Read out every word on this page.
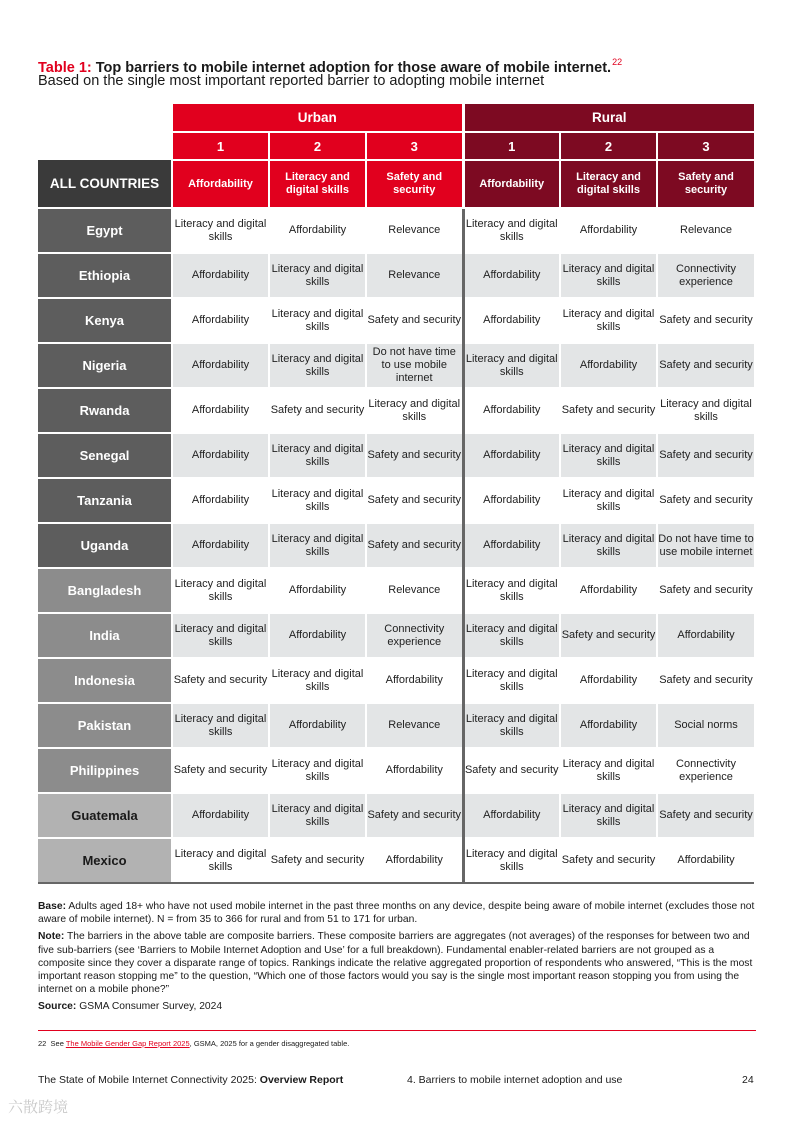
Table 1: Top barriers to mobile internet adoption for those aware of mobile internet.$^{22}$
Based on the single most important reported barrier to adopting mobile internet
	Urban			Rural		
	1	2	3	1	2	3
ALL COUNTRIES	Affordability	Literacy and digital skills	Safety and security	Affordability	Literacy and digital skills	Safety and security
Egypt	Literacy and digital skills	Affordability	Relevance	Literacy and digital skills	Affordability	Relevance
Ethiopia	Affordability	Literacy and digital skills	Relevance	Affordability	Literacy and digital skills	Connectivity experience
Kenya	Affordability	Literacy and digital skills	Safety and security	Affordability	Literacy and digital skills	Safety and security
Nigeria	Affordability	Literacy and digital skills	Do not have time to use mobile internet	Literacy and digital skills	Affordability	Safety and security
Rwanda	Affordability	Safety and security	Literacy and digital skills	Affordability	Safety and security	Literacy and digital skills
Senegal	Affordability	Literacy and digital skills	Safety and security	Affordability	Literacy and digital skills	Safety and security
Tanzania	Affordability	Literacy and digital skills	Safety and security	Affordability	Literacy and digital skills	Safety and security
Uganda	Affordability	Literacy and digital skills	Safety and security	Affordability	Literacy and digital skills	Do not have time to use mobile internet
Bangladesh	Literacy and digital skills	Affordability	Relevance	Literacy and digital skills	Affordability	Safety and security
India	Literacy and digital skills	Affordability	Connectivity experience	Literacy and digital skills	Safety and security	Affordability
Indonesia	Safety and security	Literacy and digital skills	Affordability	Literacy and digital skills	Affordability	Safety and security
Pakistan	Literacy and digital skills	Affordability	Relevance	Literacy and digital skills	Affordability	Social norms
Philippines	Safety and security	Literacy and digital skills	Affordability	Safety and security	Literacy and digital skills	Connectivity experience
Guatemala	Affordability	Literacy and digital skills	Safety and security	Affordability	Literacy and digital skills	Safety and security
Mexico	Literacy and digital skills	Safety and security	Affordability	Literacy and digital skills	Safety and security	Affordability

Base: Adults aged 18+ who have not used mobile internet in the past three months on any device, despite being aware of mobile internet (excludes those not aware of mobile internet). N = from 35 to 366 for rural and from 51 to 171 for urban.

Note: The barriers in the above table are composite barriers. These composite barriers are aggregates (not averages) of the responses for between two and five sub-barriers (see ‘Barriers to Mobile Internet Adoption and Use’ for a full breakdown). Fundamental enabler-related barriers are not grouped as a composite since they cover a disparate range of topics. Rankings indicate the relative aggregated proportion of respondents who answered, “This is the most important reason stopping me” to the question, “Which one of those factors would you say is the single most important reason stopping you from using the internet on a mobile phone?”

Source: GSMA Consumer Survey, 2024

22 See The Mobile Gender Gap Report 2025, GSMA, 2025 for a gender disaggregated table.
The State of Mobile Internet Connectivity 2025: Overview Report	4. Barriers to mobile internet adoption and use	24
六散跨境
